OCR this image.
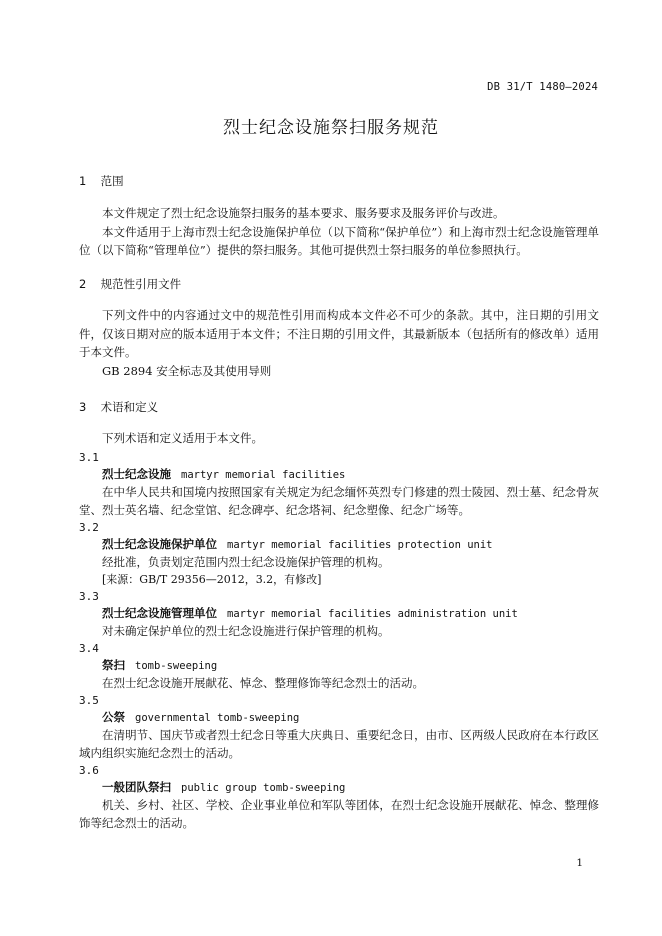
DB 31/T 1480—2024
烈士纪念设施祭扫服务规范
1 范围

本文件规定了烈士纪念设施祭扫服务的基本要求、服务要求及服务评价与改进。

本文件适用于上海市烈士纪念设施保护单位（以下简称“保护单位”）和上海市烈士纪念设施管理单位（以下简称“管理单位”）提供的祭扫服务。其他可提供烈士祭扫服务的单位参照执行。

2 规范性引用文件

下列文件中的内容通过文中的规范性引用而构成本文件必不可少的条款。其中，注日期的引用文件，仅该日期对应的版本适用于本文件；不注日期的引用文件，其最新版本（包括所有的修改单）适用于本文件。

GB 2894 安全标志及其使用导则

3 术语和定义

下列术语和定义适用于本文件。

3.1
烈士纪念设施 martyr memorial facilities

在中华人民共和国境内按照国家有关规定为纪念缅怀英烈专门修建的烈士陵园、烈士墓、纪念骨灰堂、烈士英名墙、纪念堂馆、纪念碑亭、纪念塔祠、纪念塑像、纪念广场等。

3.2
烈士纪念设施保护单位 martyr memorial facilities protection unit

经批准，负责划定范围内烈士纪念设施保护管理的机构。

[来源：GB/T 29356—2012，3.2，有修改]
3.3
烈士纪念设施管理单位 martyr memorial facilities administration unit

对未确定保护单位的烈士纪念设施进行保护管理的机构。

3.4
祭扫 tomb-sweeping

在烈士纪念设施开展献花、悼念、整理修饰等纪念烈士的活动。

3.5
公祭 governmental tomb-sweeping

在清明节、国庆节或者烈士纪念日等重大庆典日、重要纪念日，由市、区两级人民政府在本行政区域内组织实施纪念烈士的活动。

3.6
一般团队祭扫 public group tomb-sweeping

机关、乡村、社区、学校、企业事业单位和军队等团体，在烈士纪念设施开展献花、悼念、整理修饰等纪念烈士的活动。

1
